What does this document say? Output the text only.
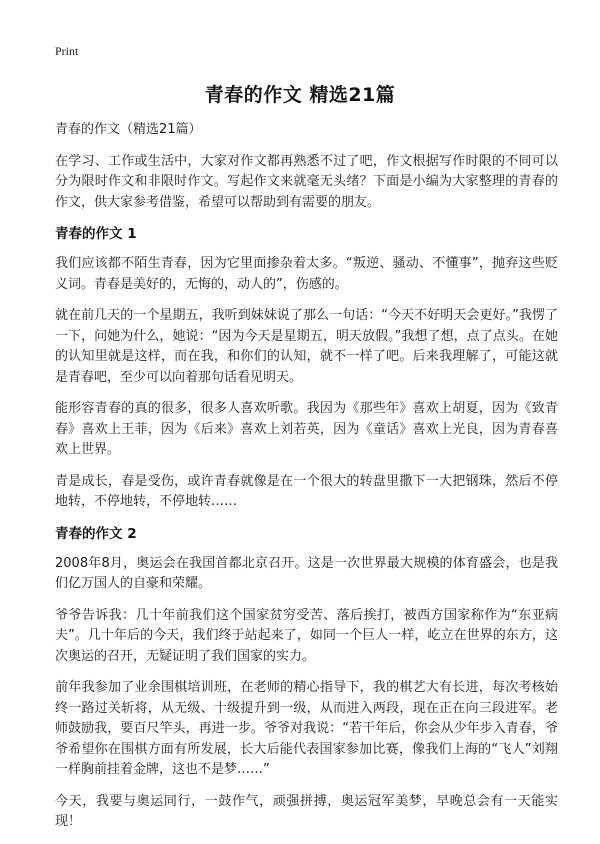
Print
青春的作文 精选21篇

青春的作文（精选21篇）

在学习、工作或生活中，大家对作文都再熟悉不过了吧，作文根据写作时限的不同可以分为限时作文和非限时作文。写起作文来就毫无头绪？下面是小编为大家整理的青春的作文，供大家参考借鉴，希望可以帮助到有需要的朋友。

青春的作文 1

我们应该都不陌生青春，因为它里面掺杂着太多。“叛逆、骚动、不懂事”，抛弃这些贬义词。青春是美好的，无悔的，动人的”，伤感的。

就在前几天的一个星期五，我听到妹妹说了那么一句话：“今天不好明天会更好。”我愣了一下，问她为什么，她说：“因为今天是星期五，明天放假。”我想了想，点了点头。在她的认知里就是这样，而在我，和你们的认知，就不一样了吧。后来我理解了，可能这就是青春吧，至少可以向着那句话看见明天。

能形容青春的真的很多，很多人喜欢听歌。我因为《那些年》喜欢上胡夏，因为《致青春》喜欢上王菲，因为《后来》喜欢上刘若英，因为《童话》喜欢上光良，因为青春喜欢上世界。

青是成长，春是受伤，或许青春就像是在一个很大的转盘里撒下一大把钢珠，然后不停地转，不停地转，不停地转……

青春的作文 2

2008年8月，奥运会在我国首都北京召开。这是一次世界最大规模的体育盛会，也是我们亿万国人的自豪和荣耀。

爷爷告诉我：几十年前我们这个国家贫穷受苦、落后挨打，被西方国家称作为“东亚病夫”。几十年后的今天，我们终于站起来了，如同一个巨人一样，屹立在世界的东方，这次奥运的召开，无疑证明了我们国家的实力。

前年我参加了业余围棋培训班，在老师的精心指导下，我的棋艺大有长进，每次考核始终一路过关斩将，从无级、十级提升到一级，从而进入两段，现在正在向三段进军。老师鼓励我，要百尺竿头，再进一步。爷爷对我说：“若干年后，你会从少年步入青春，爷爷希望你在围棋方面有所发展，长大后能代表国家参加比赛，像我们上海的“飞人”刘翔一样胸前挂着金牌，这也不是梦……”

今天，我要与奥运同行，一鼓作气，顽强拼搏，奥运冠军美梦，早晚总会有一天能实现！
